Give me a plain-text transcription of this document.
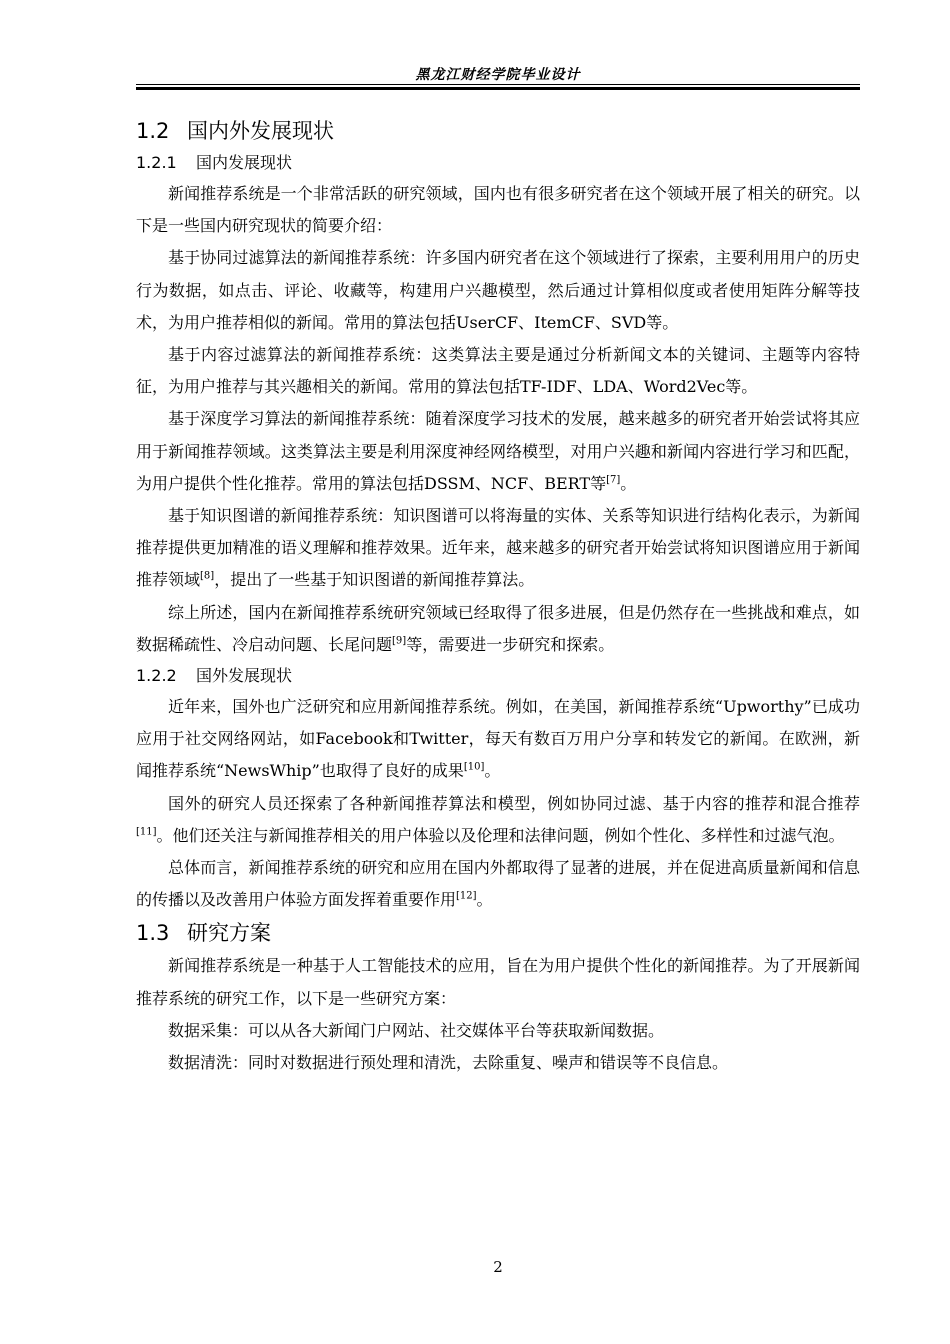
黑龙江财经学院毕业设计
1.2 国内外发展现状
1.2.1 国内发展现状

新闻推荐系统是一个非常活跃的研究领域，国内也有很多研究者在这个领域开展了相关的研究。以下是一些国内研究现状的简要介绍：

基于协同过滤算法的新闻推荐系统：许多国内研究者在这个领域进行了探索，主要利用用户的历史行为数据，如点击、评论、收藏等，构建用户兴趣模型，然后通过计算相似度或者使用矩阵分解等技术，为用户推荐相似的新闻。常用的算法包括UserCF、ItemCF、SVD等。

基于内容过滤算法的新闻推荐系统：这类算法主要是通过分析新闻文本的关键词、主题等内容特征，为用户推荐与其兴趣相关的新闻。常用的算法包括TF-IDF、LDA、Word2Vec等。

基于深度学习算法的新闻推荐系统：随着深度学习技术的发展，越来越多的研究者开始尝试将其应用于新闻推荐领域。这类算法主要是利用深度神经网络模型，对用户兴趣和新闻内容进行学习和匹配，为用户提供个性化推荐。常用的算法包括DSSM、NCF、BERT等[7]。

基于知识图谱的新闻推荐系统：知识图谱可以将海量的实体、关系等知识进行结构化表示，为新闻推荐提供更加精准的语义理解和推荐效果。近年来，越来越多的研究者开始尝试将知识图谱应用于新闻推荐领域[8]，提出了一些基于知识图谱的新闻推荐算法。

综上所述，国内在新闻推荐系统研究领域已经取得了很多进展，但是仍然存在一些挑战和难点，如数据稀疏性、冷启动问题、长尾问题[9]等，需要进一步研究和探索。

1.2.2 国外发展现状

近年来，国外也广泛研究和应用新闻推荐系统。例如，在美国，新闻推荐系统“Upworthy”已成功应用于社交网络网站，如Facebook和Twitter，每天有数百万用户分享和转发它的新闻。在欧洲，新闻推荐系统“NewsWhip”也取得了良好的成果[10]。

国外的研究人员还探索了各种新闻推荐算法和模型，例如协同过滤、基于内容的推荐和混合推荐[11]。他们还关注与新闻推荐相关的用户体验以及伦理和法律问题，例如个性化、多样性和过滤气泡。

总体而言，新闻推荐系统的研究和应用在国内外都取得了显著的进展，并在促进高质量新闻和信息的传播以及改善用户体验方面发挥着重要作用[12]。

1.3 研究方案

新闻推荐系统是一种基于人工智能技术的应用，旨在为用户提供个性化的新闻推荐。为了开展新闻推荐系统的研究工作，以下是一些研究方案：

数据采集：可以从各大新闻门户网站、社交媒体平台等获取新闻数据。

数据清洗：同时对数据进行预处理和清洗，去除重复、噪声和错误等不良信息。

2
